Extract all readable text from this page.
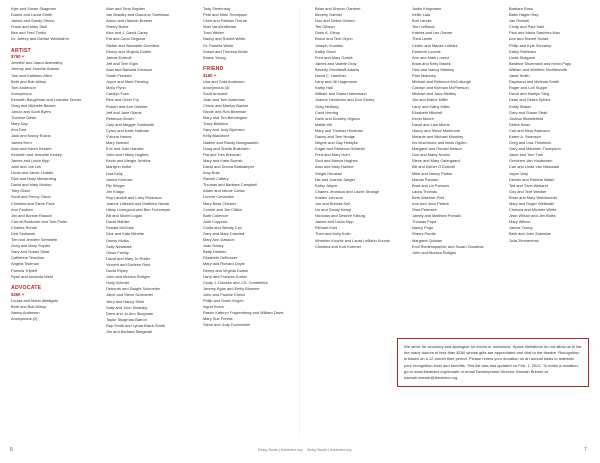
Kyle and Susan Skagman
Duane and Laura Smith
James and Sandy Strunc
Frank and Mary Stull
Ben and Fred Timko
Dr. Jeffrey and Denise Weisbahm
ARTIST
$750 +
Jennifer and Jason Abernathy
Jeremy and Jeanine Adams
Tom and Kathleen Allen
Beth and Bob Allhop
Tom Anderson
Anonymous
Kenneth Baughman and Leandra Tanner
Greg and Michelle Becker
Janice and Scott Byers
Therese Davis
Mary Day
Ann Derr
Jack and Nancy Evans
James Kern
Alan and Karen Kessler
Kenneth and Jeanette Kinsey
James and Linda Kipp
Julie and Joe Lek
Linda and Jamie Lindahl
Dick and Mary Meiderding
David and Mary Morton
Toby Olsen
Scott and Penny Olson
Christine and Steve Pace
Ann Paulson
Jim and Bonnie Rausch
Carroll Reasoner and Tom Peller
Charles Rohde
Deb Sedlacek
Tim and Jennifer Semeleth
Greg and Mary Snyder
Gary and Susan Strait
Catherine Tesslime
Angela Tiseman
Pamela Triplett
Ryan and Amanda West
ADVOCATE
$350 +
Louisa and Mario Affatigato
Beth and Bob Allhop
Nancy Andersen
Anonymous (2)
Alan and Terry Bayden
Jan Bradley and Giacomo Tomlinson
Aaron and Hannah Brewer
Sherry Butler
Alex and J. David Carey
Pat and Carol Degrave
Stefan and Wannette Doenfeld
Denny and Virginia Durbin
James Eckhoff
Jeff and Terri Elgin
Alan and Barbara Erickson
Sarah Fendahl
Joyce and Mark Fleming
Molly Flynn
Carolyn Fuss
Rick and Greer Fry
Robert and Ann Gessler
Jeff and Jane Glantz
Rebecca Glover
Cary and Meggie Goldsmith
Cyrus and Katie Hallman
V'storia Hanna
Mary Harrold
Eric and Julie Hansler
John and Hillary Hughes
Kevin and Mergie Jenkins
Marilynn Keller
Lisa Kelly
Janice Kerkove
Pip Klinger
Jim Knapp
Roy Landolt and Larry Robinson
Joanne Lillestoll and Matthew Nevak
Hilary Livengood and Ben Frohmeyer
Bill and Muriel Logan
David Mahlke
Ronald McGraw
Dick and Kate Minette
Danny Mulka
Sally Newstate
Olson Family
David and Mary Jo Rotter
Vincent and Darlene Reid
David Ripley
John and Monica Rolfges
Holly Schmitt
Deborah and Dwight Schroeder
Janet and Steve Schroeder
Jerry and Nancy Shirk
Sally and John Sklarsky
Drew and Jo Ann Skogman
Taylor Skogman-Barron
Ray Smith and Lynda Black-Smith
Jim and Barbara Steigerall
Tody Strelensky
Pete and Mimi Thompson
Chris and Patricia Thorne
Noel VanDenBerse
Traci Weber
Nancy and Robert White
Dr. Pamela White
Susan and Theresa Wolle
Elaine Young
FRIEND
$150 +
Lisa and Todd Andersen
Anonymous (4)
Scott Arnsdorf
Joan and Tom Auterman
Chuck and Marilyn Backm
Nicole and Rob Bearman
Mary and Tim Bennington
Tracy Biddlers
Gary and Judy Bjornsen
Kelly Blackford
Nadine and Randy Bomgaarden
Doug and Sheila Brakhahn
Pat and Tom Brennan
Mary and Katie Burrish
David and Donna Buttsamper
Amy Butz
Rachel Caffery
Thomas and Barbara Campbell
Adam and Nicole Cariss
Lorene Cervantes
Mary Bess Chester
Connie and Jim Clifton
Barb Colemon
Julie Coppock
Curtis and Wendy Cox
Gary and Mary Crandall
Mary Ann Dawson
Jean Deazy
Betty Debben
Elizabeth DeBrower
Mary and Richard Doyle
Denny and Virginia Durbin
Larry and Frances Durkin
Cindy J. Dwoske and J.D. Combellick
Jeremy Egan and Emily Blumme
John and Pauline Ehrick
Philip and Gwen Engen
Ingrid Evers
Pastor Kathryn Frajzendeng and William Davis
Mary Sue Freese
Steve and Judy Fuemmeler
Brian and Sharon Gardner
Beverly Gartner
Dan and Debra Geisen
Teri Gibson
Doris A. Gilroy
Bruce and Terri Glynn
Joseph Goodlen
Kathy Good
Fred and Mary Gosek
James and Valerie Gray
Beverly Grindstaff-Adams
David C. Haerther
Larry and Jill Hagemann
Kathy Hall
William and Diana Hatermann
Joanne Hendricks and Don Storey
Greg Hellweg
Carol Herring
Dave and Dorothy Higdon
Mattie Hill
Mary and Thomas Hindman
Danny and Terri Hodge
Wayne and Gay Holdyke
Edgar and Rebecca Holstner
Fred and Mary Horn
Scot and Marcia Hughes
Alan and Mary Humke
Gingie Hunstad
Nic and Joanne Jaeger
Kathy Jasper
Charles Jennison and Laurie Strange
Kristen Johnson
Joe and Brenda Kell
Lin and Sandy Kemp
Nicholas and Desiree Kilburg
James and Linda Kipp
Richard Kohl
Theo and Kelly Kolln
Wheelen Kountz and Laura LeBahn Kountz
Christina and Kurt Koerner
Justin Krogmann
Kellie Lala
Bob Landis
Terri LeBlanc
Katrina and Les Garner
Thea Leslie
Cedric and Marcia Lofdahl
Doreene Loomis
Ann and Mark Lorenz
Brian and Kelly Macek
Dick and Nancy Mahony
Pam Maloney
Michael and Rebecca McCollough
Carolyn and Norman McPherson
Michael and Jane Medley
Jim and Elaine Miller
Larry and Kathy Miller
Elizabeth Mitchell
Kevin Moore
David and Lisa Morris
Nancy and Steve Mortimore
Melanie and Michael Moseley
Iris Muchmore and Mark Ogden
Margaret and Ronald Nelson
Don and Marty Norton
Steve and Mary Ostergaard
Bill and Esther O'Donnell
Mike and Nancy Parker
Marcia Parman
Brad and Liz Parsons
Laura Thomas
Beth Waehler Pohl
Ann and John Petrick
Shar Petersen
Jamey and Matthew Pomaki
Thomas Popa
Nancy Pugh
Sherry Purdie
Margaret Quinlan
Emil Riedenspacher and Susan Goodmar
John and Monica Rolfges
Barbara Ross
Babs Hagen Ray
Jan Rossell
Cindy and Paul Sale
Paul and Maria Sanchez-Mac
Ann and Robert Schae
Philip and Kyle Schramp
Kathy Shelenko
Linda Skagand
Beatrice Shoemack and Kevin Papp
William and Winifred Shuttleworth
Janet Smith
Raymond and Melinda Smith
Roger and Lori Suppe
David and Marilyn Sieg
Dean and Debra Spinks
Kristy Staker
Gary and Susan Strait
Joshua Stubblefield
Debra Swan
Carl and Nina Swanson
Karen A. Swanson
Greg and Lisa Thimbeck
Gary and Maureen Thompson
Janet and Tom Turk
Gretchen Van Houtschen
Carl and Linda Van Nieuwaal
Joyce Varp
Dennis and Patricia Walsh
Ted and Trina Wieland
Guy and Terri Weidler
Brian and Mary Weinbacher
Mary and Roger Wettsider
Chelsea and Michele White
Jean Wilson and Jim Boles
Mary Wilson
James Young
Beth and John Zabriskie
Julia Zimmerman
We strive for accuracy and apologize for errors or omissions. Space limitations do not allow us to list the many donors of less than $150 whose gifts are appreciated and vital to the theatre. Recognition is based on a 12-month time period. Please renew your donation on an annual basis to maintain your recognition level and benefits. This list was last updated on Feb. 1, 2022. To make a donation, go to www.theatrecr.org/donate or email Development Director Hannah Brewer at hannah.brewer@theatrecr.org.
6	Kinky Boots | theatrecr.org Kinky Boots | theatrecr.org	7
